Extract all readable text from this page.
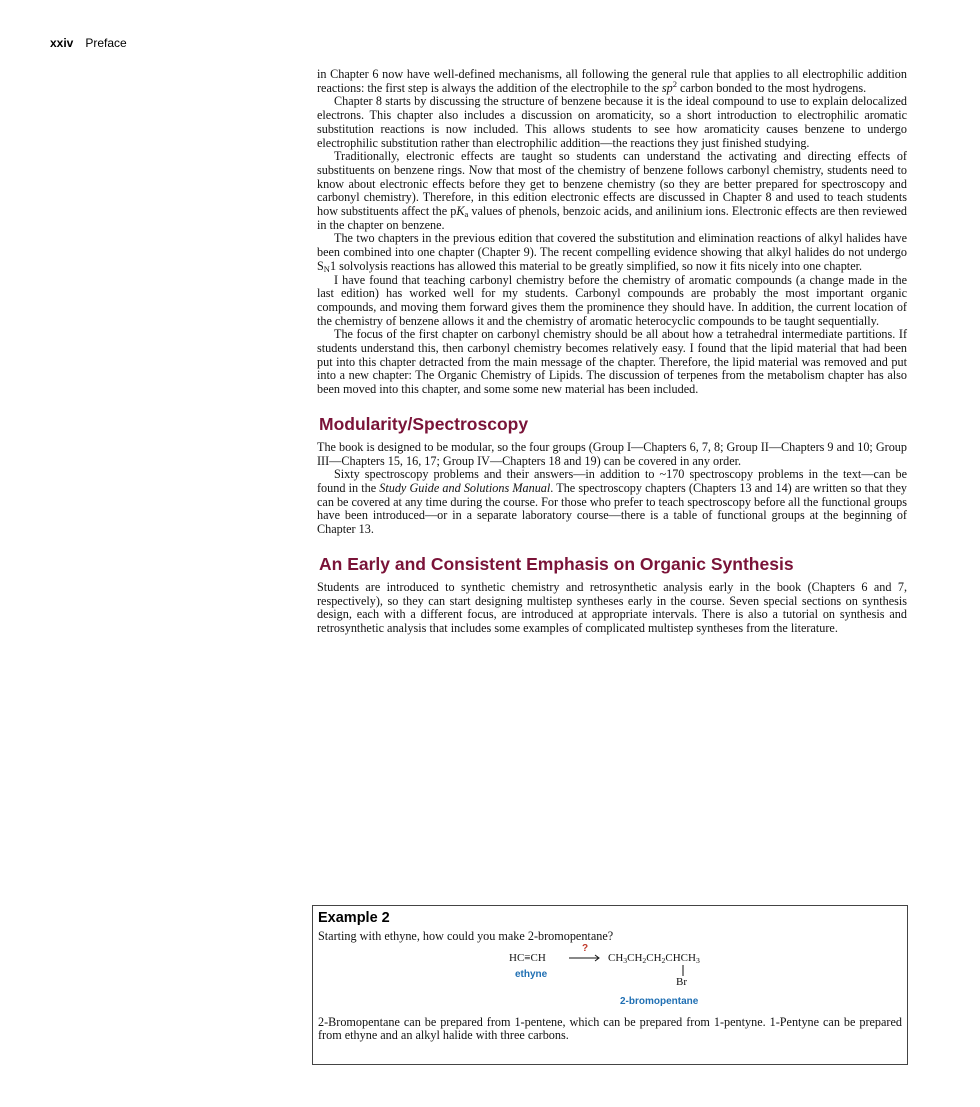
xxiv Preface

in Chapter 6 now have well-defined mechanisms, all following the general rule that applies to all electrophilic addition reactions: the first step is always the addition of the electrophile to the $sp^2$ carbon bonded to the most hydrogens.

Chapter 8 starts by discussing the structure of benzene because it is the ideal compound to use to explain delocalized electrons. This chapter also includes a discussion on aromaticity, so a short introduction to electrophilic aromatic substitution reactions is now included. This allows students to see how aromaticity causes benzene to undergo electrophilic substitution rather than electrophilic addition—the reactions they just finished studying.

Traditionally, electronic effects are taught so students can understand the activating and directing effects of substituents on benzene rings. Now that most of the chemistry of benzene follows carbonyl chemistry, students need to know about electronic effects before they get to benzene chemistry (so they are better prepared for spectroscopy and carbonyl chemistry). Therefore, in this edition electronic effects are discussed in Chapter 8 and used to teach students how substituents affect the $pK_a$ values of phenols, benzoic acids, and anilinium ions. Electronic effects are then reviewed in the chapter on benzene.

The two chapters in the previous edition that covered the substitution and elimination reactions of alkyl halides have been combined into one chapter (Chapter 9). The recent compelling evidence showing that alkyl halides do not undergo $S_N1$ solvolysis reactions has allowed this material to be greatly simplified, so now it fits nicely into one chapter.

I have found that teaching carbonyl chemistry before the chemistry of aromatic compounds (a change made in the last edition) has worked well for my students. Carbonyl compounds are probably the most important organic compounds, and moving them forward gives them the prominence they should have. In addition, the current location of the chemistry of benzene allows it and the chemistry of aromatic heterocyclic compounds to be taught sequentially.

The focus of the first chapter on carbonyl chemistry should be all about how a tetrahedral intermediate partitions. If students understand this, then carbonyl chemistry becomes relatively easy. I found that the lipid material that had been put into this chapter detracted from the main message of the chapter. Therefore, the lipid material was removed and put into a new chapter: The Organic Chemistry of Lipids. The discussion of terpenes from the metabolism chapter has also been moved into this chapter, and some some new material has been included.

Modularity/Spectroscopy

The book is designed to be modular, so the four groups (Group I—Chapters 6, 7, 8; Group II—Chapters 9 and 10; Group III—Chapters 15, 16, 17; Group IV—Chapters 18 and 19) can be covered in any order.

Sixty spectroscopy problems and their answers—in addition to ~170 spectroscopy problems in the text—can be found in the Study Guide and Solutions Manual. The spectroscopy chapters (Chapters 13 and 14) are written so that they can be covered at any time during the course. For those who prefer to teach spectroscopy before all the functional groups have been introduced—or in a separate laboratory course—there is a table of functional groups at the beginning of Chapter 13.

An Early and Consistent Emphasis on Organic Synthesis

Students are introduced to synthetic chemistry and retrosynthetic analysis early in the book (Chapters 6 and 7, respectively), so they can start designing multistep syntheses early in the course. Seven special sections on synthesis design, each with a different focus, are introduced at appropriate intervals. There is also a tutorial on synthesis and retrosynthetic analysis that includes some examples of complicated multistep syntheses from the literature.

Example 2
Starting with ethyne, how could you make 2-bromopentane?
HC≡CH
ethyne
?
→ $CH_3CH_2CH_2CHCH_3$
Br
2-bromopentane

2-Bromopentane can be prepared from 1-pentene, which can be prepared from 1-pentyne. 1-Pentyne can be prepared from ethyne and an alkyl halide with three carbons.
